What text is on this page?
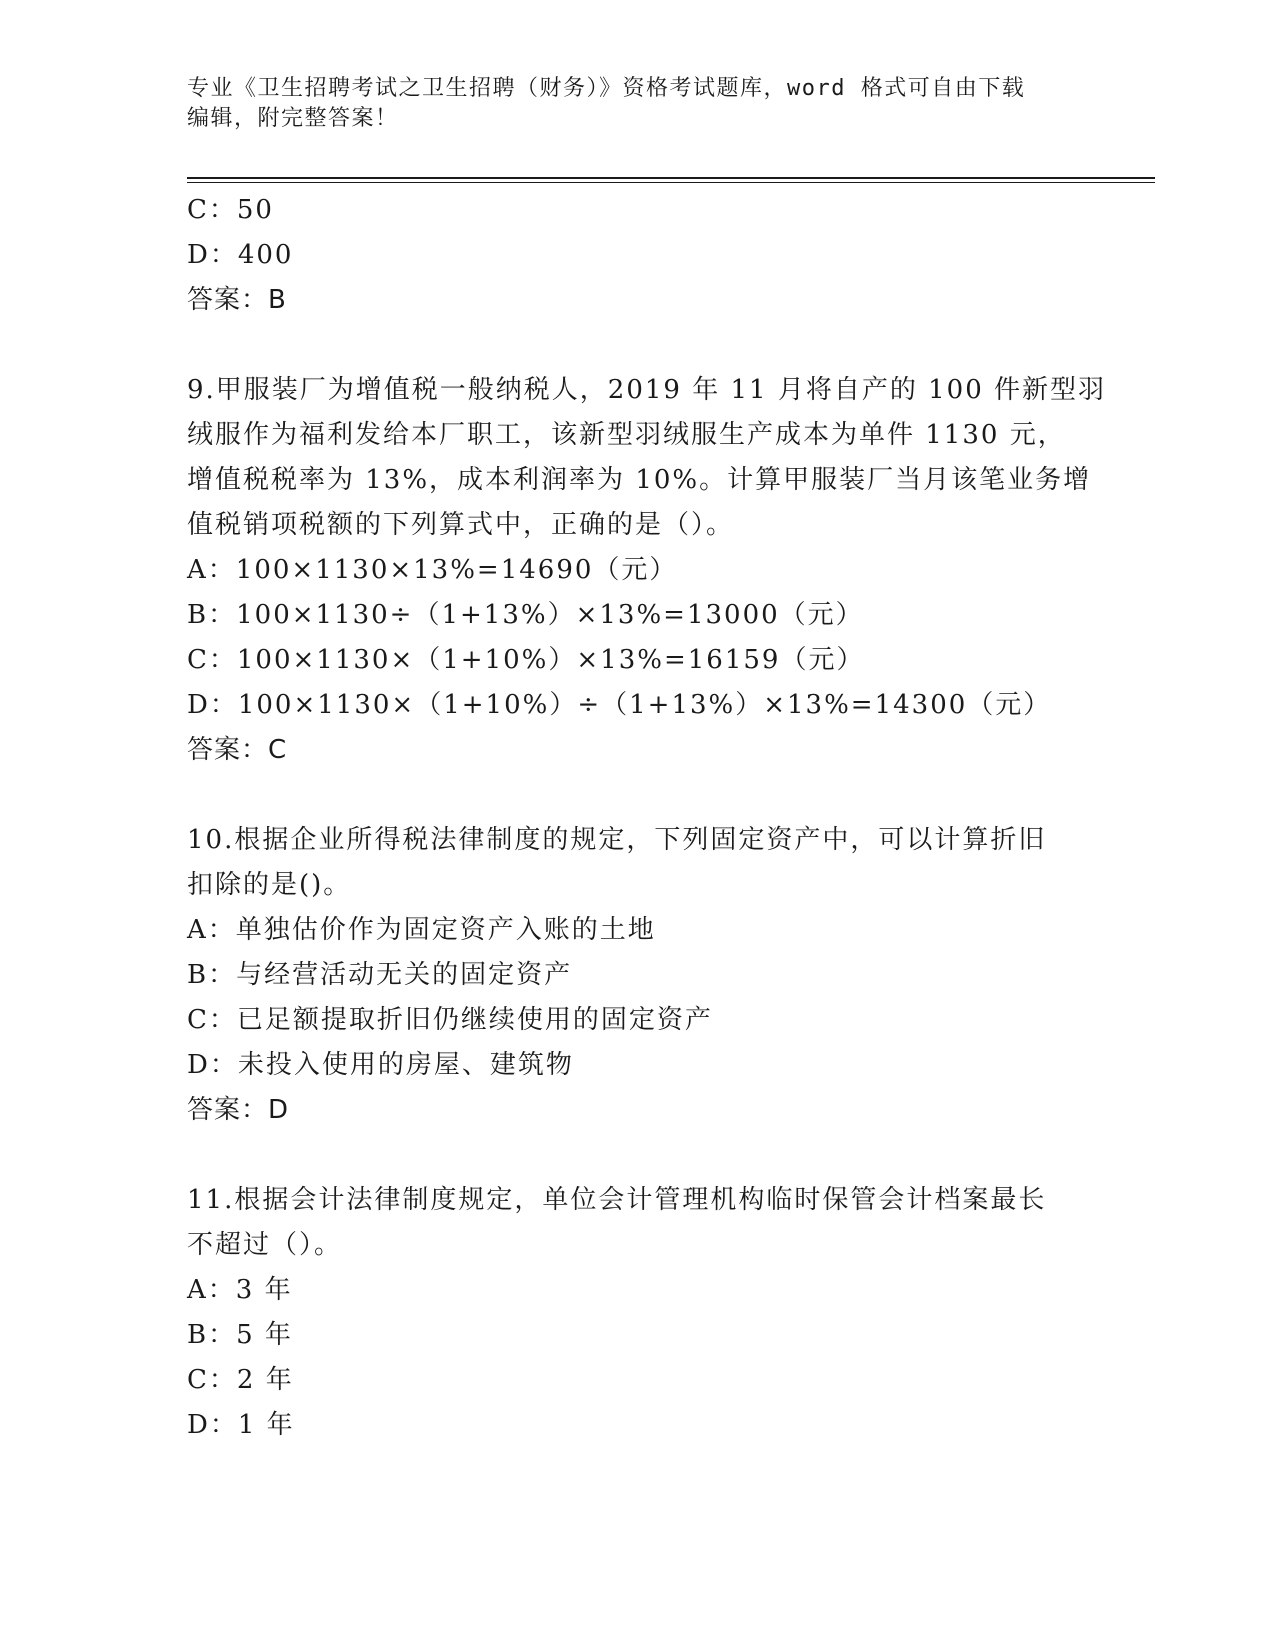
专业《卫生招聘考试之卫生招聘（财务）》资格考试题库，word 格式可自由下载
编辑，附完整答案！
C：50
D：400
答案：B
9.甲服装厂为增值税一般纳税人，2019 年 11 月将自产的 100 件新型羽
绒服作为福利发给本厂职工，该新型羽绒服生产成本为单件 1130 元，
增值税税率为 13%，成本利润率为 10%。计算甲服装厂当月该笔业务增
值税销项税额的下列算式中，正确的是（）。
A：100×1130×13%=14690（元）
B：100×1130÷（1+13%）×13%=13000（元）
C：100×1130×（1+10%）×13%=16159（元）
D：100×1130×（1+10%）÷（1+13%）×13%=14300（元）
答案：C
10.根据企业所得税法律制度的规定，下列固定资产中，可以计算折旧
扣除的是()。
A：单独估价作为固定资产入账的土地
B：与经营活动无关的固定资产
C：已足额提取折旧仍继续使用的固定资产
D：未投入使用的房屋、建筑物
答案：D
11.根据会计法律制度规定，单位会计管理机构临时保管会计档案最长
不超过（）。
A：3 年
B：5 年
C：2 年
D：1 年
